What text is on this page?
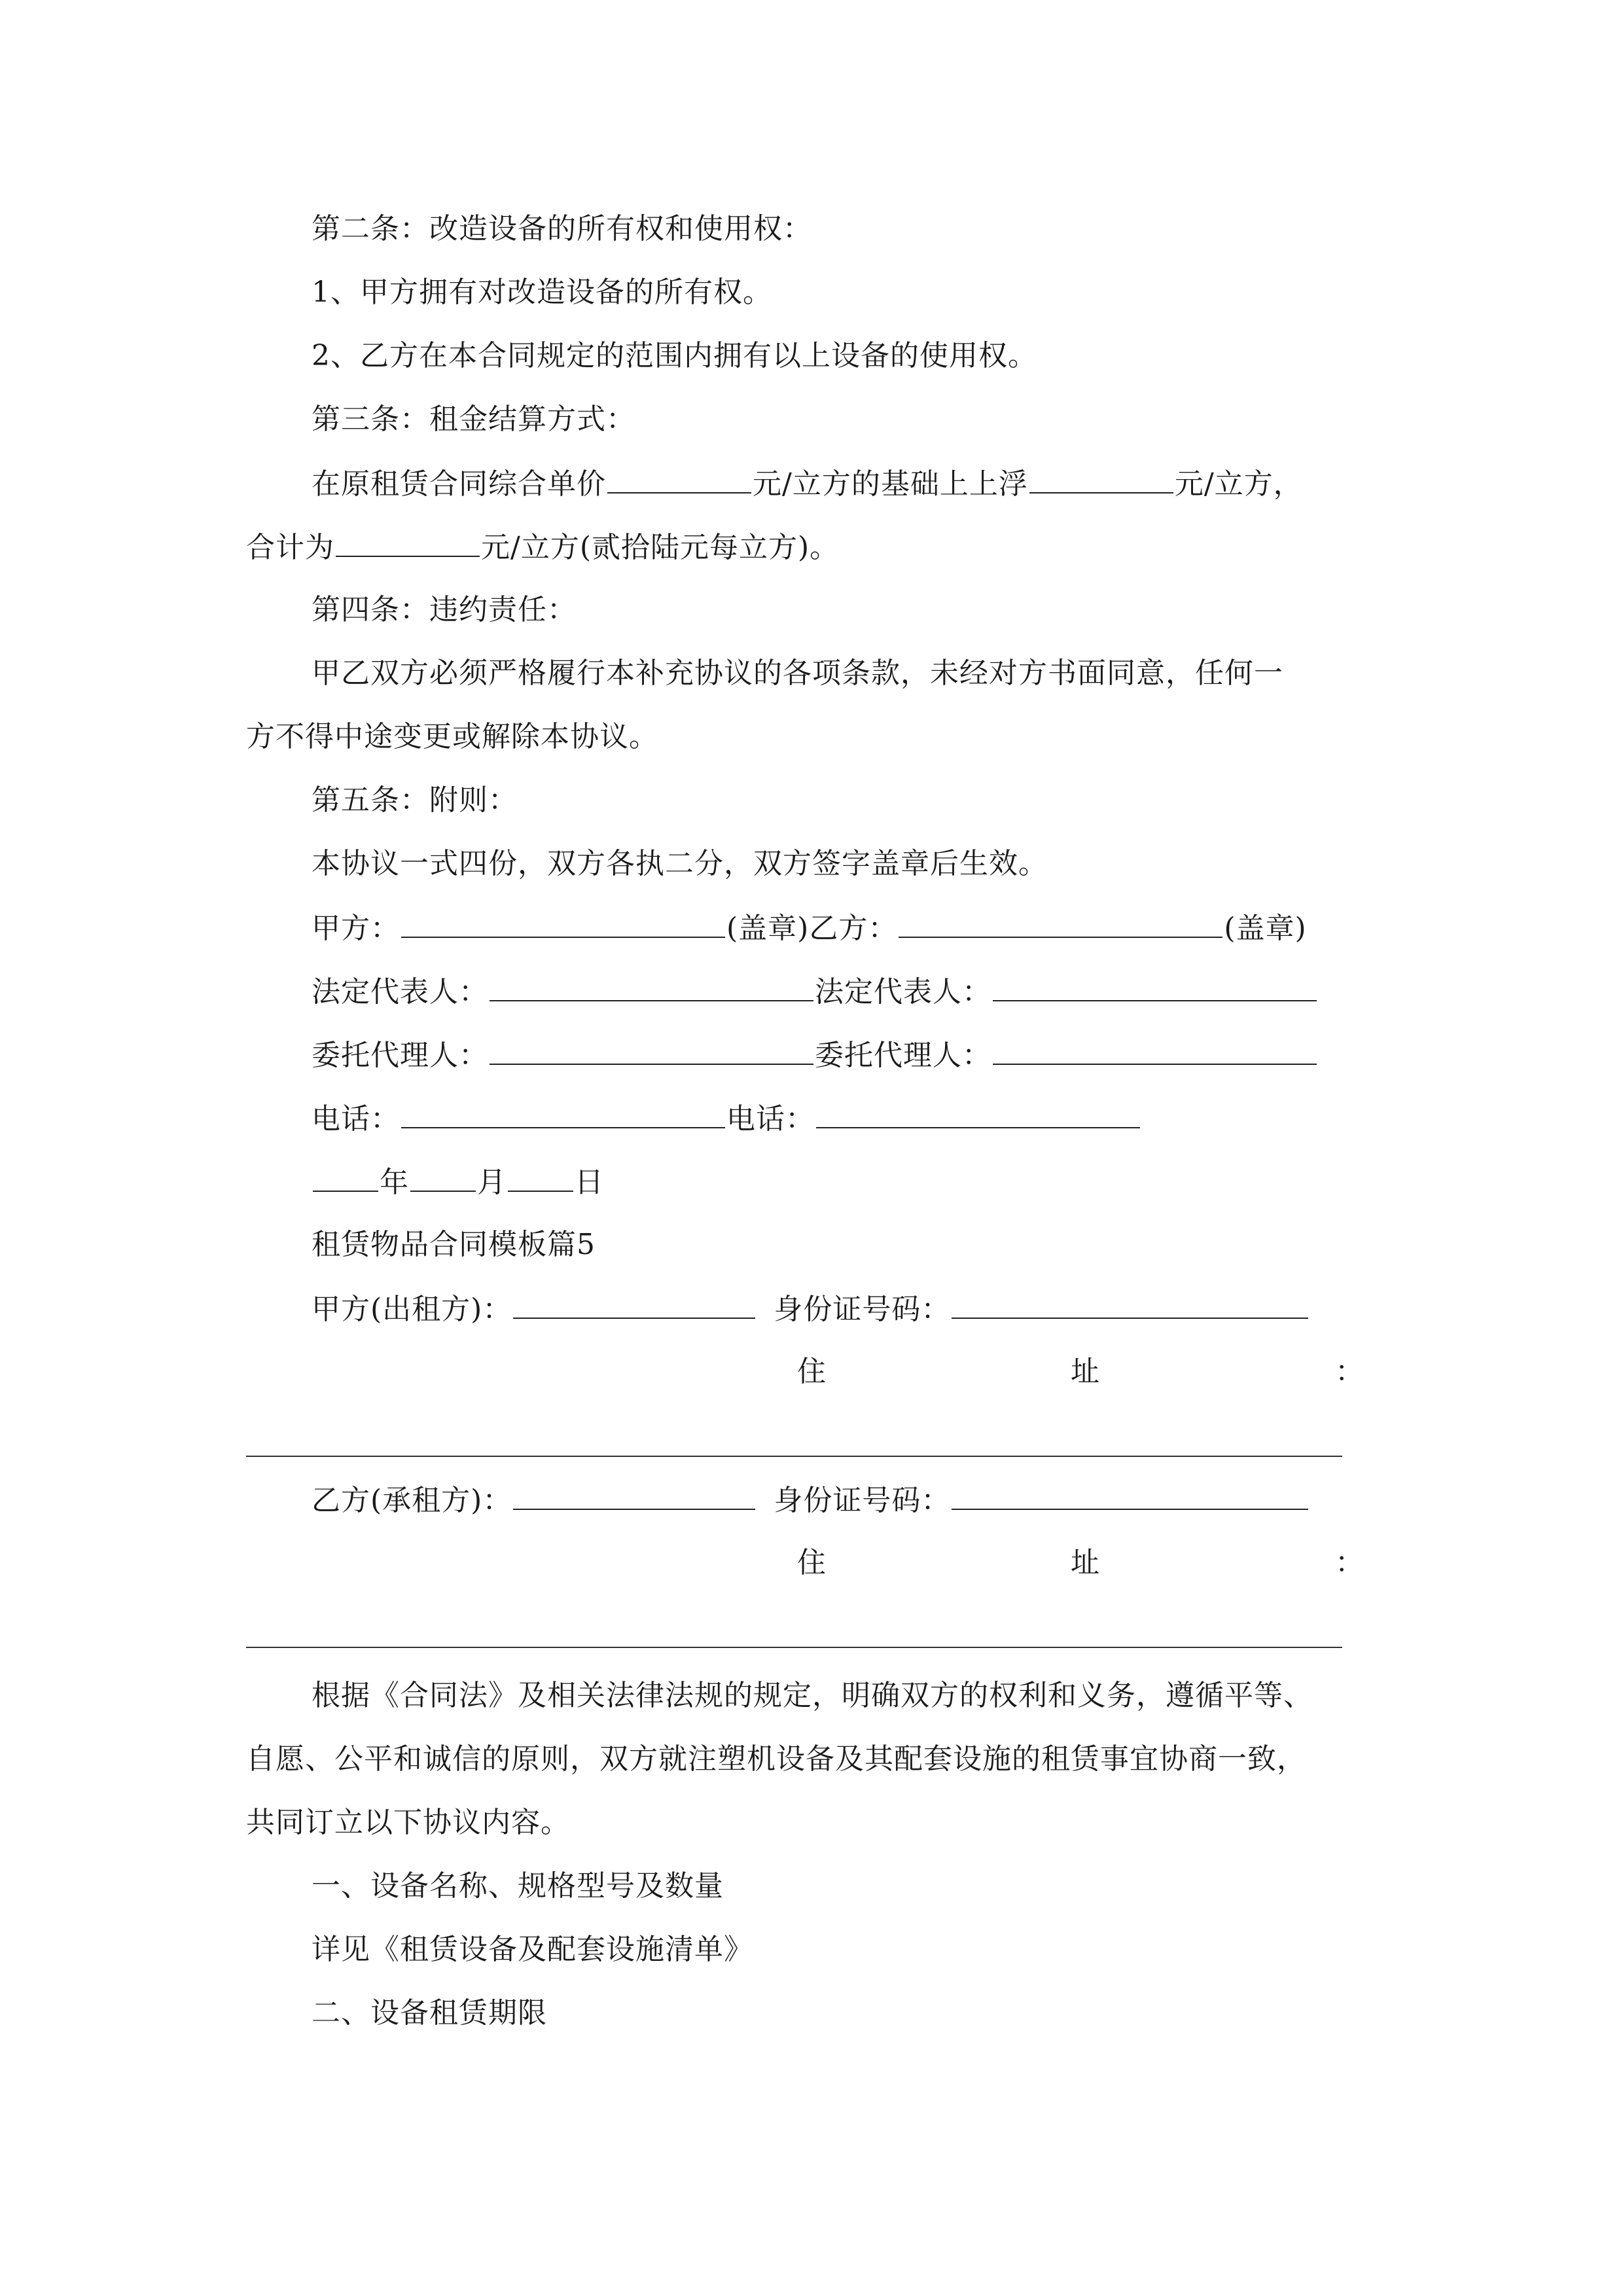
第二条：改造设备的所有权和使用权：
1、甲方拥有对改造设备的所有权。
2、乙方在本合同规定的范围内拥有以上设备的使用权。
第三条：租金结算方式：
在原租赁合同综合单价	元/立方的基础上上浮	元/立方，
合计为	元/立方(贰拾陆元每立方)。
第四条：违约责任：
甲乙双方必须严格履行本补充协议的各项条款，未经对方书面同意，任何一
方不得中途变更或解除本协议。
第五条：附则：
本协议一式四份，双方各执二分，双方签字盖章后生效。
甲方：	(盖章)乙方：	(盖章)
法定代表人：	法定代表人：
委托代理人：	委托代理人：
电话：	电话：
年 月 日
租赁物品合同模板篇5
甲方(出租方)：	身份证号码：
住	址	：
乙方(承租方)：	身份证号码：
住	址	：
根据《合同法》及相关法律法规的规定，明确双方的权利和义务，遵循平等、
自愿、公平和诚信的原则，双方就注塑机设备及其配套设施的租赁事宜协商一致，
共同订立以下协议内容。
一、设备名称、规格型号及数量
详见《租赁设备及配套设施清单》
二、设备租赁期限
